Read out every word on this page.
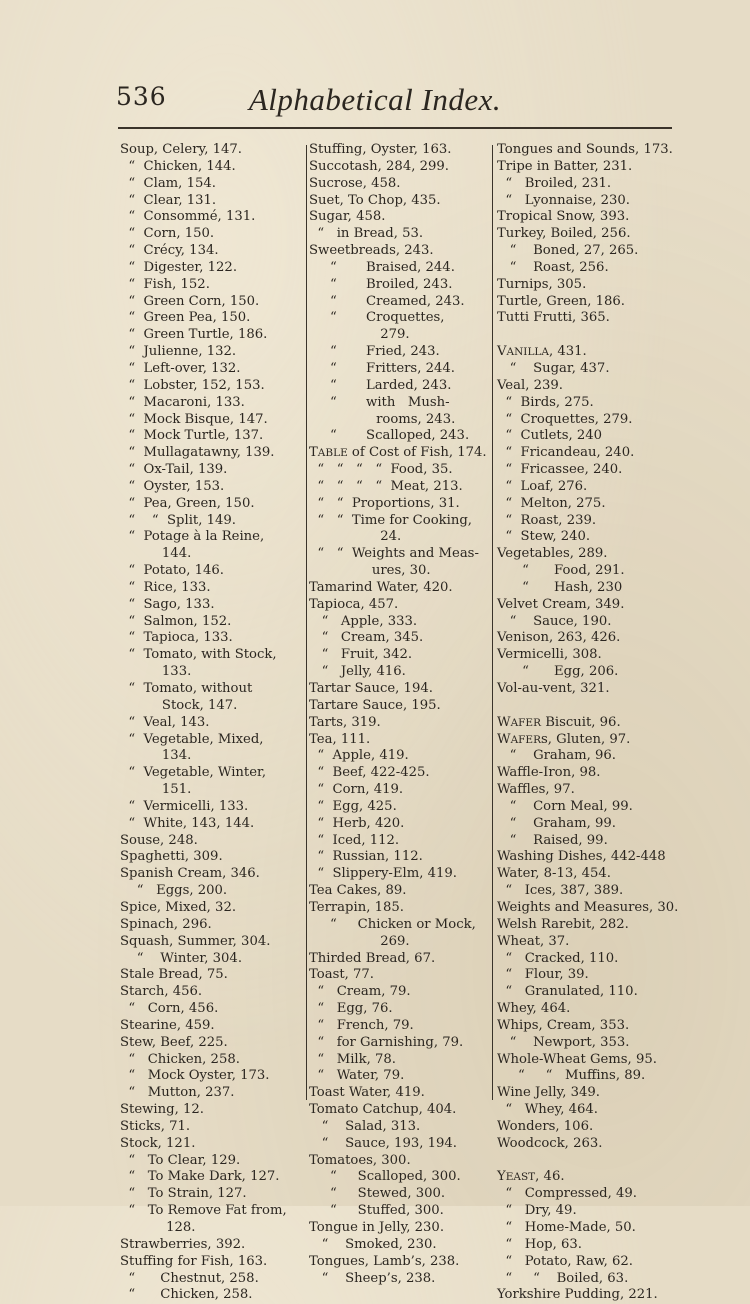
536	Alphabetical Index.
Soup, Celery, 147.
“  Chicken, 144.
“  Clam, 154.
“  Clear, 131.
“  Consommé, 131.
“  Corn, 150.
“  Crécy, 134.
“  Digester, 122.
“  Fish, 152.
“  Green Corn, 150.
“  Green Pea, 150.
“  Green Turtle, 186.
“  Julienne, 132.
“  Left-over, 132.
“  Lobster, 152, 153.
“  Macaroni, 133.
“  Mock Bisque, 147.
“  Mock Turtle, 137.
“  Mullagatawny, 139.
“  Ox-Tail, 139.
“  Oyster, 153.
“  Pea, Green, 150.
“    “  Split, 149.
“  Potage à la Reine,
144.
“  Potato, 146.
“  Rice, 133.
“  Sago, 133.
“  Salmon, 152.
“  Tapioca, 133.
“  Tomato, with Stock,
133.
“  Tomato, without
Stock, 147.
“  Veal, 143.
“  Vegetable, Mixed,
134.
“  Vegetable, Winter,
151.
“  Vermicelli, 133.
“  White, 143, 144.
Souse, 248.
Spaghetti, 309.
Spanish Cream, 346.
“   Eggs, 200.
Spice, Mixed, 32.
Spinach, 296.
Squash, Summer, 304.
“    Winter, 304.
Stale Bread, 75.
Starch, 456.
“   Corn, 456.
Stearine, 459.
Stew, Beef, 225.
“   Chicken, 258.
“   Mock Oyster, 173.
“   Mutton, 237.
Stewing, 12.
Sticks, 71.
Stock, 121.
“   To Clear, 129.
“   To Make Dark, 127.
“   To Strain, 127.
“   To Remove Fat from,
128.
Strawberries, 392.
Stuffing for Fish, 163.
“      Chestnut, 258.
“      Chicken, 258.
Stuffing, Oyster, 163.
Succotash, 284, 299.
Sucrose, 458.
Suet, To Chop, 435.
Sugar, 458.
“   in Bread, 53.
Sweetbreads, 243.
“       Braised, 244.
“       Broiled, 243.
“       Creamed, 243.
“       Croquettes,
279.
“       Fried, 243.
“       Fritters, 244.
“       Larded, 243.
“       with   Mush-
rooms, 243.
“       Scalloped, 243.
TABLE of Cost of Fish, 174.
“   “   “   “  Food, 35.
“   “   “   “  Meat, 213.
“   “  Proportions, 31.
“   “  Time for Cooking,
24.
“   “  Weights and Meas-
ures, 30.
Tamarind Water, 420.
Tapioca, 457.
“   Apple, 333.
“   Cream, 345.
“   Fruit, 342.
“   Jelly, 416.
Tartar Sauce, 194.
Tartare Sauce, 195.
Tarts, 319.
Tea, 111.
“  Apple, 419.
“  Beef, 422-425.
“  Corn, 419.
“  Egg, 425.
“  Herb, 420.
“  Iced, 112.
“  Russian, 112.
“  Slippery-Elm, 419.
Tea Cakes, 89.
Terrapin, 185.
“     Chicken or Mock,
269.
Thirded Bread, 67.
Toast, 77.
“   Cream, 79.
“   Egg, 76.
“   French, 79.
“   for Garnishing, 79.
“   Milk, 78.
“   Water, 79.
Toast Water, 419.
Tomato Catchup, 404.
“    Salad, 313.
“    Sauce, 193, 194.
Tomatoes, 300.
“     Scalloped, 300.
“     Stewed, 300.
“     Stuffed, 300.
Tongue in Jelly, 230.
“    Smoked, 230.
Tongues, Lamb’s, 238.
“    Sheep’s, 238.
Tongues and Sounds, 173.
Tripe in Batter, 231.
“   Broiled, 231.
“   Lyonnaise, 230.
Tropical Snow, 393.
Turkey, Boiled, 256.
“    Boned, 27, 265.
“    Roast, 256.
Turnips, 305.
Turtle, Green, 186.
Tutti Frutti, 365.
VANILLA, 431.
“    Sugar, 437.
Veal, 239.
“  Birds, 275.
“  Croquettes, 279.
“  Cutlets, 240
“  Fricandeau, 240.
“  Fricassee, 240.
“  Loaf, 276.
“  Melton, 275.
“  Roast, 239.
“  Stew, 240.
Vegetables, 289.
“      Food, 291.
“      Hash, 230
Velvet Cream, 349.
“    Sauce, 190.
Venison, 263, 426.
Vermicelli, 308.
“      Egg, 206.
Vol-au-vent, 321.
WAFER Biscuit, 96.
WAFERs, Gluten, 97.
“    Graham, 96.
Waffle-Iron, 98.
Waffles, 97.
“    Corn Meal, 99.
“    Graham, 99.
“    Raised, 99.
Washing Dishes, 442-448
Water, 8-13, 454.
“   Ices, 387, 389.
Weights and Measures, 30.
Welsh Rarebit, 282.
Wheat, 37.
“   Cracked, 110.
“   Flour, 39.
“   Granulated, 110.
Whey, 464.
Whips, Cream, 353.
“    Newport, 353.
Whole-Wheat Gems, 95.
“     “   Muffins, 89.
Wine Jelly, 349.
“   Whey, 464.
Wonders, 106.
Woodcock, 263.
YEAST, 46.
“   Compressed, 49.
“   Dry, 49.
“   Home-Made, 50.
“   Hop, 63.
“   Potato, Raw, 62.
“     “    Boiled, 63.
Yorkshire Pudding, 221.
